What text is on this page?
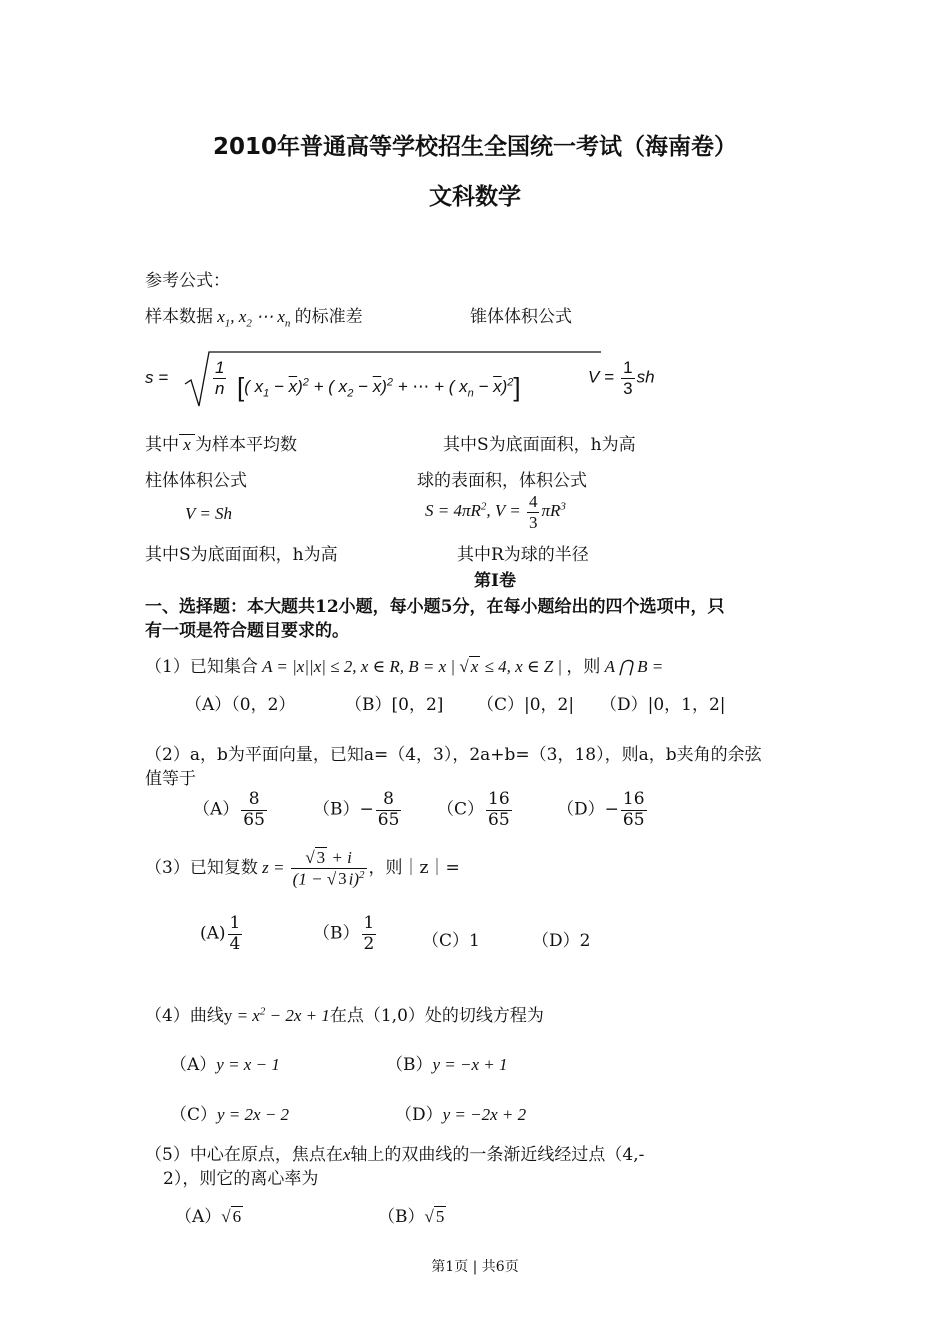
2010年普通高等学校招生全国统一考试（海南卷）
文科数学
参考公式：
样本数据 $x_1$, $x_2$ ⋯ $x_n$ 的标准差	锥体体积公式
s =	$\frac{1}{n}$ [( $x_1 - \overline{x})^2$ + ( $x_2 - \overline{x})^2$ + ⋯ + ( $x_n - \overline{x})^2$]	$V = \frac{1}{3}$ sh
其中 x 为样本平均数	其中S为底面面积，h为高
柱体体积公式	球的表面积，体积公式
V = Sh	$S = 4\pi R^2$, $V = \frac{4}{3} \pi R^3$
其中S为底面面积，h为高	其中R为球的半径
第I卷
一、选择题：本大题共12小题，每小题5分，在每小题给出的四个选项中，只
有一项是符合题目要求的。
（1）已知集合 A = |x||x| ≤ 2, x ∈ R, B = x | √ x ≤ 4, x ∈ Z | ，则 A ⋂ B =
（A）（0，2）	（B）[0，2] （C）|0，2| （D）|0，1，2|
（2）a，b为平面向量，已知a=（4，3），2a+b=（3，18），则a，b夹角的余弦
值等于
$(A) \frac{8}{65}$	$(B)- \frac{8}{65} (C) \frac{16}{65}$	$(D)- \frac{16}{65}$
（3）已知复数 $z = \frac{√ 3 + i}{(1 - √ 3 i)^2}$ ，则｜z｜=
$(A) \frac{1}{4}$	$(B) \frac{1}{2}$	（C）1	（D）2
（4）曲线$y = x^2 - 2x + 1$在点（1,0）处的切线方程为
（A）y = x − 1	（B）y = −x + 1
（C）y = 2x − 2	（D）y = −2x + 2
（5）中心在原点，焦点在x轴上的双曲线的一条渐近线经过点（4,-
2），则它的离心率为
（A）√ 6	（B）√ 5
第1页 | 共6页
